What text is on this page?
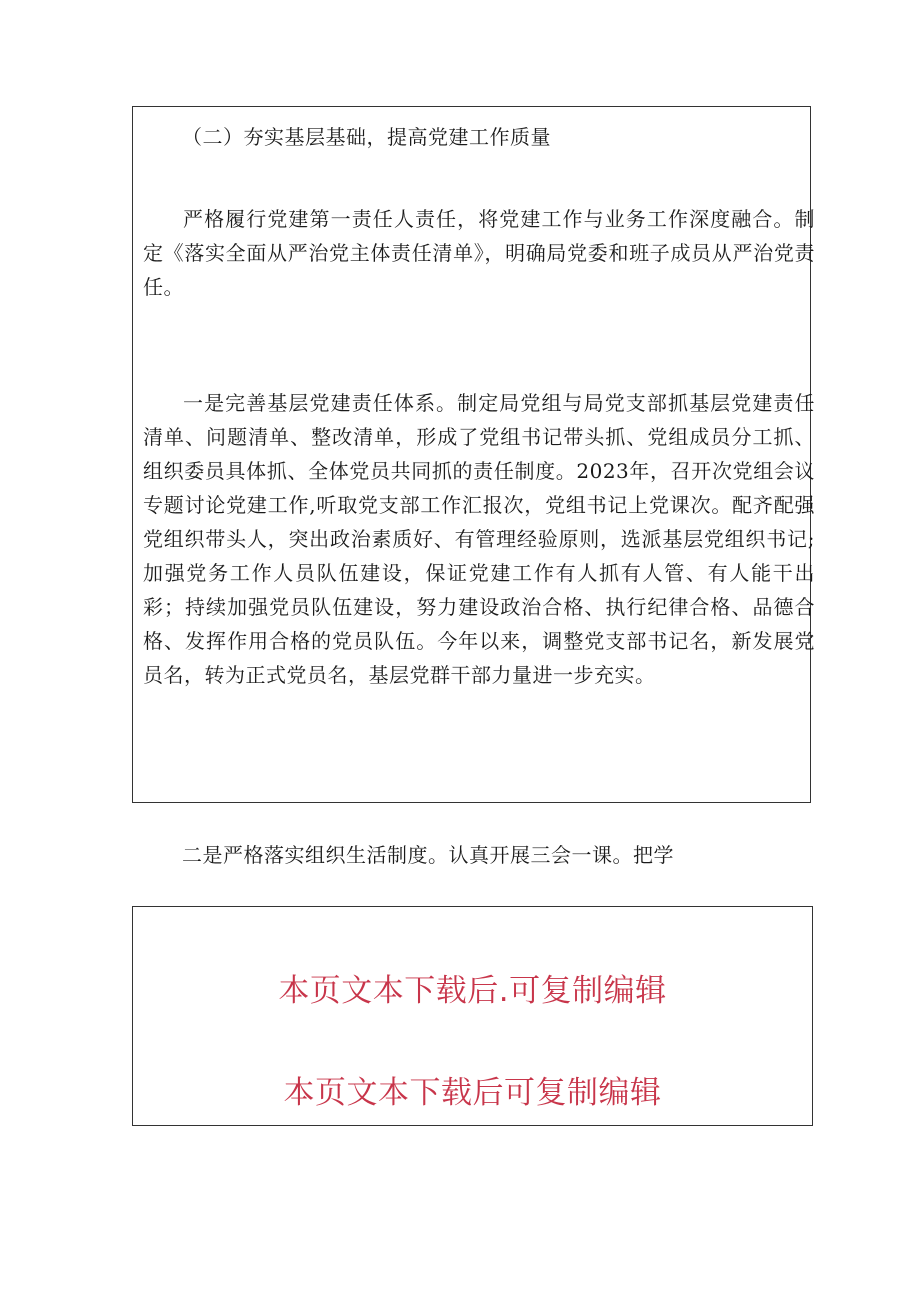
（二）夯实基层基础，提高党建工作质量

严格履行党建第一责任人责任，将党建工作与业务工作深度融合。制定《落实全面从严治党主体责任清单》，明确局党委和班子成员从严治党责任。

一是完善基层党建责任体系。制定局党组与局党支部抓基层党建责任清单、问题清单、整改清单，形成了党组书记带头抓、党组成员分工抓、组织委员具体抓、全体党员共同抓的责任制度。2023年，召开次党组会议专题讨论党建工作,听取党支部工作汇报次，党组书记上党课次。配齐配强党组织带头人，突出政治素质好、有管理经验原则，选派基层党组织书记;加强党务工作人员队伍建设，保证党建工作有人抓有人管、有人能干出彩；持续加强党员队伍建设，努力建设政治合格、执行纪律合格、品德合格、发挥作用合格的党员队伍。今年以来，调整党支部书记名，新发展党员名，转为正式党员名，基层党群干部力量进一步充实。

二是严格落实组织生活制度。认真开展三会一课。把学

本页文本下载后.可复制编辑
本页文本下载后可复制编辑
